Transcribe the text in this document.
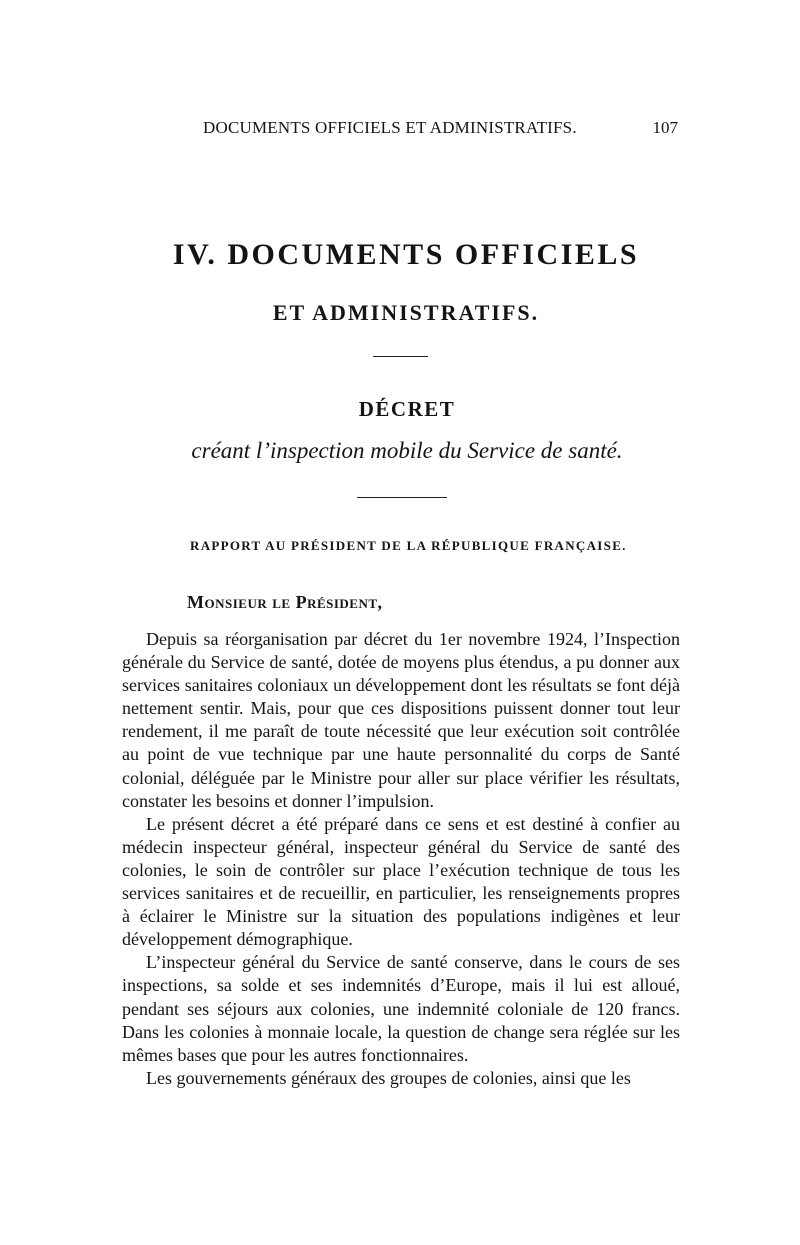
DOCUMENTS OFFICIELS ET ADMINISTRATIFS.	107
IV. DOCUMENTS OFFICIELS
ET ADMINISTRATIFS.
DÉCRET
créant l’inspection mobile du Service de santé.
RAPPORT AU PRÉSIDENT DE LA RÉPUBLIQUE FRANÇAISE.
Monsieur le Président,

Depuis sa réorganisation par décret du 1er novembre 1924, l’Inspection générale du Service de santé, dotée de moyens plus étendus, a pu donner aux services sanitaires coloniaux un développement dont les résultats se font déjà nettement sentir. Mais, pour que ces dispositions puissent donner tout leur rendement, il me paraît de toute nécessité que leur exécution soit contrôlée au point de vue technique par une haute personnalité du corps de Santé colonial, déléguée par le Ministre pour aller sur place vérifier les résultats, constater les besoins et donner l’impulsion.

Le présent décret a été préparé dans ce sens et est destiné à confier au médecin inspecteur général, inspecteur général du Service de santé des colonies, le soin de contrôler sur place l’exécution technique de tous les services sanitaires et de recueillir, en particulier, les renseignements propres à éclairer le Ministre sur la situation des populations indigènes et leur développement démographique.

L’inspecteur général du Service de santé conserve, dans le cours de ses inspections, sa solde et ses indemnités d’Europe, mais il lui est alloué, pendant ses séjours aux colonies, une indemnité coloniale de 120 francs. Dans les colonies à monnaie locale, la question de change sera réglée sur les mêmes bases que pour les autres fonctionnaires.

Les gouvernements généraux des groupes de colonies, ainsi que les
